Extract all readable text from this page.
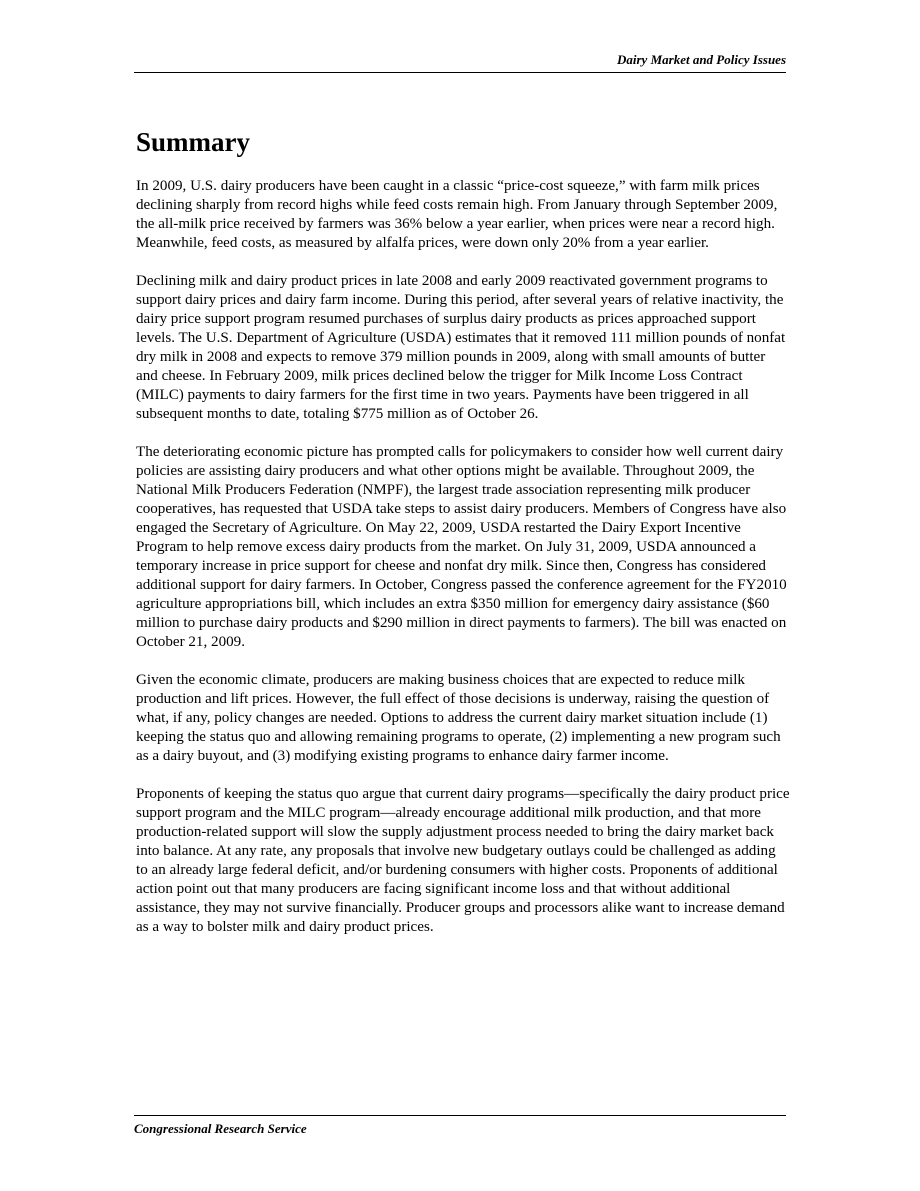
Dairy Market and Policy Issues
Summary

In 2009, U.S. dairy producers have been caught in a classic “price-cost squeeze,” with farm milk prices declining sharply from record highs while feed costs remain high. From January through September 2009, the all-milk price received by farmers was 36% below a year earlier, when prices were near a record high. Meanwhile, feed costs, as measured by alfalfa prices, were down only 20% from a year earlier.

Declining milk and dairy product prices in late 2008 and early 2009 reactivated government programs to support dairy prices and dairy farm income. During this period, after several years of relative inactivity, the dairy price support program resumed purchases of surplus dairy products as prices approached support levels. The U.S. Department of Agriculture (USDA) estimates that it removed 111 million pounds of nonfat dry milk in 2008 and expects to remove 379 million pounds in 2009, along with small amounts of butter and cheese. In February 2009, milk prices declined below the trigger for Milk Income Loss Contract (MILC) payments to dairy farmers for the first time in two years. Payments have been triggered in all subsequent months to date, totaling $775 million as of October 26.

The deteriorating economic picture has prompted calls for policymakers to consider how well current dairy policies are assisting dairy producers and what other options might be available. Throughout 2009, the National Milk Producers Federation (NMPF), the largest trade association representing milk producer cooperatives, has requested that USDA take steps to assist dairy producers. Members of Congress have also engaged the Secretary of Agriculture. On May 22, 2009, USDA restarted the Dairy Export Incentive Program to help remove excess dairy products from the market. On July 31, 2009, USDA announced a temporary increase in price support for cheese and nonfat dry milk. Since then, Congress has considered additional support for dairy farmers. In October, Congress passed the conference agreement for the FY2010 agriculture appropriations bill, which includes an extra $350 million for emergency dairy assistance ($60 million to purchase dairy products and $290 million in direct payments to farmers). The bill was enacted on October 21, 2009.

Given the economic climate, producers are making business choices that are expected to reduce milk production and lift prices. However, the full effect of those decisions is underway, raising the question of what, if any, policy changes are needed. Options to address the current dairy market situation include (1) keeping the status quo and allowing remaining programs to operate, (2) implementing a new program such as a dairy buyout, and (3) modifying existing programs to enhance dairy farmer income.

Proponents of keeping the status quo argue that current dairy programs—specifically the dairy product price support program and the MILC program—already encourage additional milk production, and that more production-related support will slow the supply adjustment process needed to bring the dairy market back into balance. At any rate, any proposals that involve new budgetary outlays could be challenged as adding to an already large federal deficit, and/or burdening consumers with higher costs. Proponents of additional action point out that many producers are facing significant income loss and that without additional assistance, they may not survive financially. Producer groups and processors alike want to increase demand as a way to bolster milk and dairy product prices.

Congressional Research Service
